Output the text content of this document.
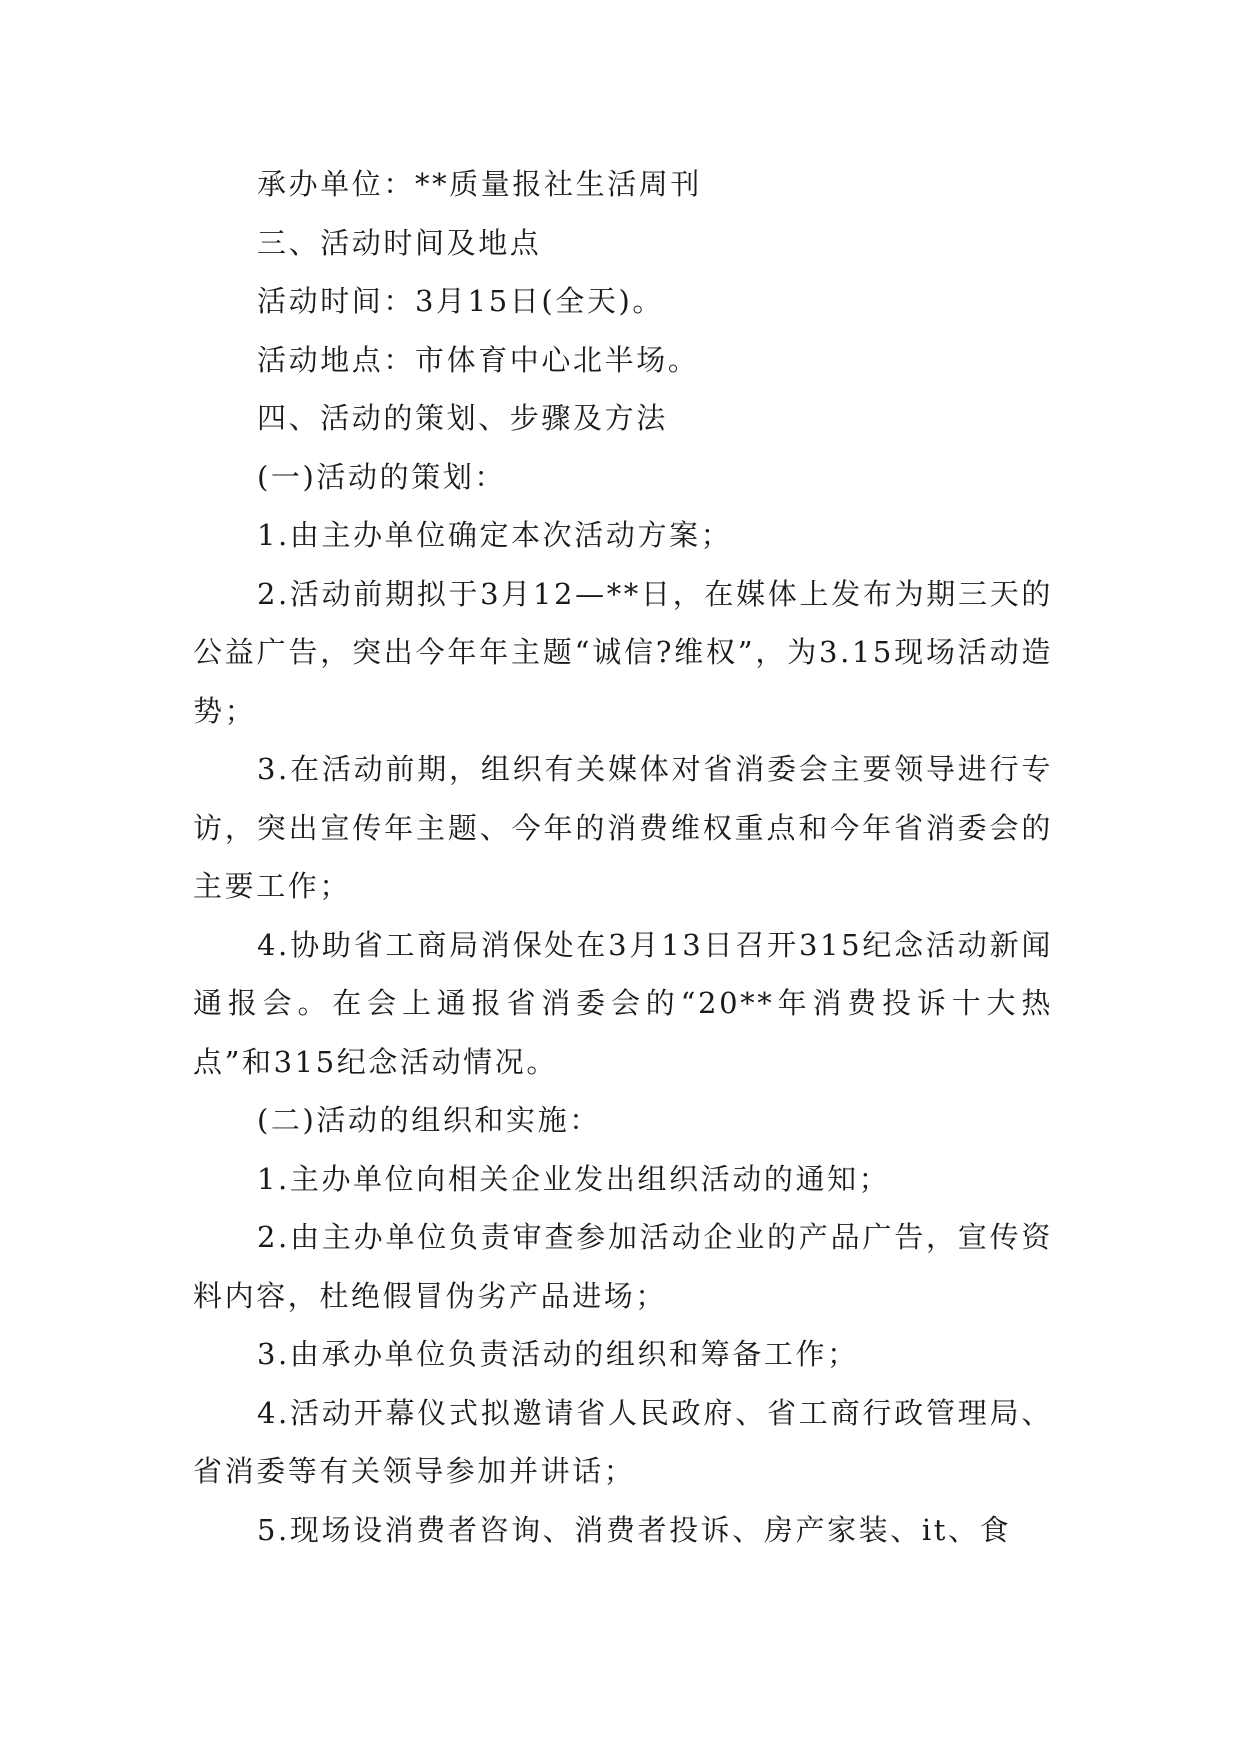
承办单位：**质量报社生活周刊

三、活动时间及地点

活动时间：3月15日(全天)。

活动地点：市体育中心北半场。

四、活动的策划、步骤及方法

(一)活动的策划：

1.由主办单位确定本次活动方案；

2.活动前期拟于3月12—**日，在媒体上发布为期三天的公益广告，突出今年年主题“诚信?维权”，为3.15现场活动造势；

3.在活动前期，组织有关媒体对省消委会主要领导进行专访，突出宣传年主题、今年的消费维权重点和今年省消委会的主要工作；

4.协助省工商局消保处在3月13日召开315纪念活动新闻通报会。在会上通报省消委会的“20**年消费投诉十大热点”和315纪念活动情况。

(二)活动的组织和实施：

1.主办单位向相关企业发出组织活动的通知；

2.由主办单位负责审查参加活动企业的产品广告，宣传资料内容，杜绝假冒伪劣产品进场；

3.由承办单位负责活动的组织和筹备工作；

4.活动开幕仪式拟邀请省人民政府、省工商行政管理局、省消委等有关领导参加并讲话；

5.现场设消费者咨询、消费者投诉、房产家装、it、食
